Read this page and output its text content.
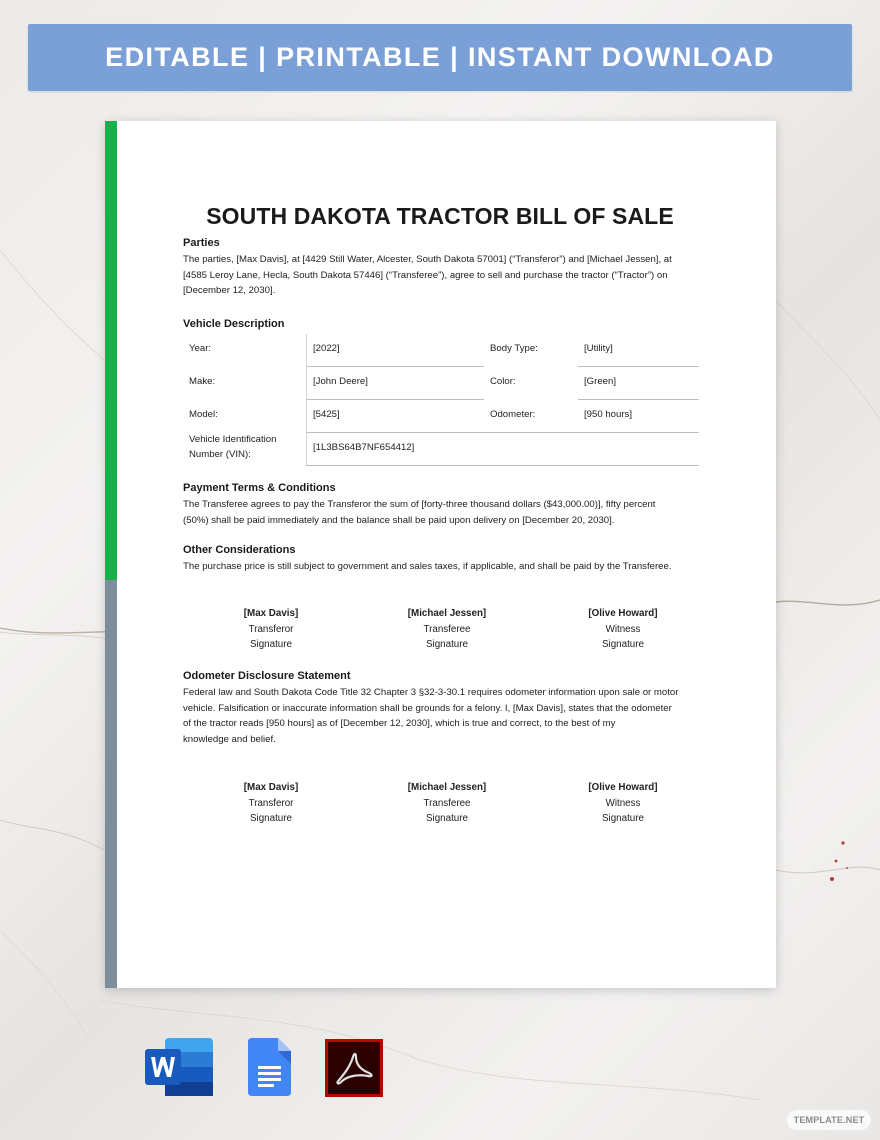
EDITABLE | PRINTABLE | INSTANT DOWNLOAD
SOUTH DAKOTA TRACTOR BILL OF SALE
Parties
The parties, [Max Davis], at [4429 Still Water, Alcester, South Dakota 57001] (“Transferor”) and [Michael Jessen], at
[4585 Leroy Lane, Hecla, South Dakota 57446] (“Transferee”), agree to sell and purchase the tractor (“Tractor”) on
[December 12, 2030].
Vehicle Description
Year:	[2022]	Body Type:	[Utility]
Make:	[John Deere]	Color:	[Green]
Model:	[5425]	Odometer:	[950 hours]
Vehicle Identification
Number (VIN):
[1L3BS64B7NF654412]
Payment Terms & Conditions
The Transferee agrees to pay the Transferor the sum of [forty-three thousand dollars ($43,000.00)], fifty percent
(50%) shall be paid immediately and the balance shall be paid upon delivery on [December 20, 2030].
Other Considerations
The purchase price is still subject to government and sales taxes, if applicable, and shall be paid by the Transferee.
[Max Davis]
Transferor
Signature
[Michael Jessen]
Transferee
Signature
[Olive Howard]
Witness
Signature
Odometer Disclosure Statement
Federal law and South Dakota Code Title 32 Chapter 3 §32-3-30.1 requires odometer information upon sale or motor
vehicle. Falsification or inaccurate information shall be grounds for a felony. I, [Max Davis], states that the odometer
of the tractor reads [950 hours] as of [December 12, 2030], which is true and correct, to the best of my
knowledge and belief.
[Max Davis]
Transferor
Signature
[Michael Jessen]
Transferee
Signature
[Olive Howard]
Witness
Signature
TEMPLATE.NET
